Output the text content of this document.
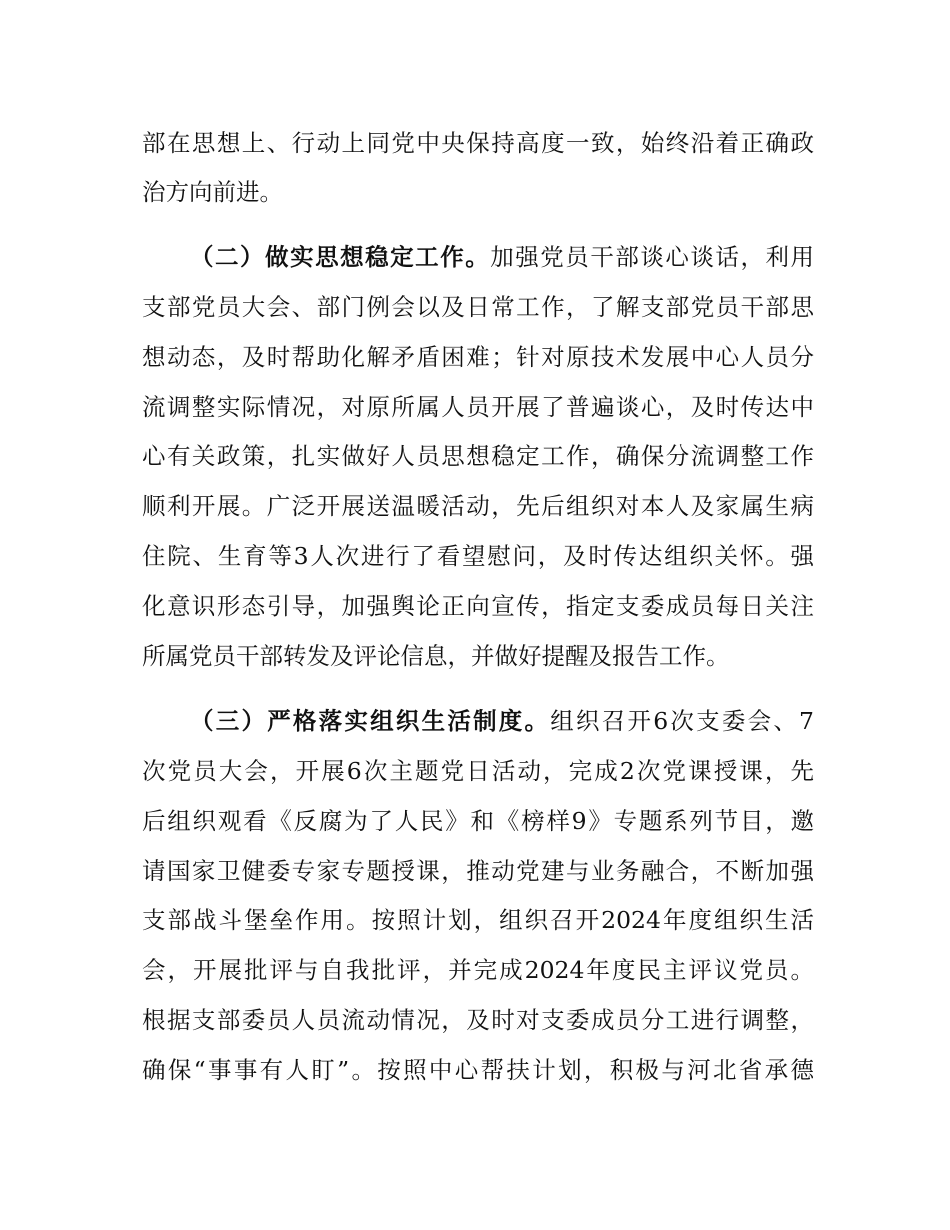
部在思想上、行动上同党中央保持高度一致，始终沿着正确政
治方向前进。
（二）做实思想稳定工作。加强党员干部谈心谈话，利用
支部党员大会、部门例会以及日常工作，了解支部党员干部思
想动态，及时帮助化解矛盾困难；针对原技术发展中心人员分
流调整实际情况，对原所属人员开展了普遍谈心，及时传达中
心有关政策，扎实做好人员思想稳定工作，确保分流调整工作
顺利开展。广泛开展送温暖活动，先后组织对本人及家属生病
住院、生育等3人次进行了看望慰问，及时传达组织关怀。强
化意识形态引导，加强舆论正向宣传，指定支委成员每日关注
所属党员干部转发及评论信息，并做好提醒及报告工作。
（三）严格落实组织生活制度。组织召开6次支委会、7
次党员大会，开展6次主题党日活动，完成2次党课授课，先
后组织观看《反腐为了人民》和《榜样9》专题系列节目，邀
请国家卫健委专家专题授课，推动党建与业务融合，不断加强
支部战斗堡垒作用。按照计划，组织召开2024年度组织生活
会，开展批评与自我批评，并完成2024年度民主评议党员。
根据支部委员人员流动情况，及时对支委成员分工进行调整，
确保“事事有人盯”。按照中心帮扶计划，积极与河北省承德
